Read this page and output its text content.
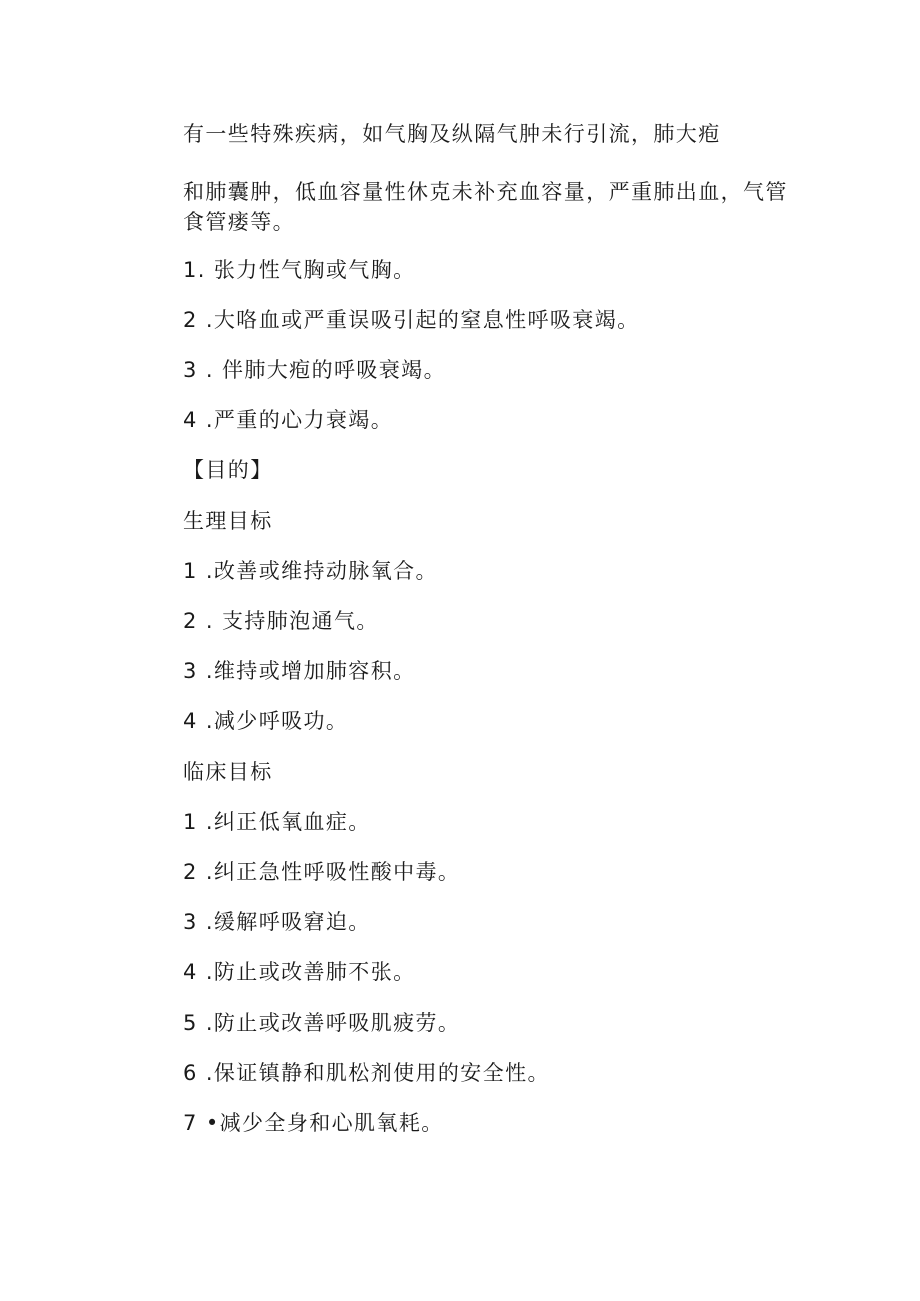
有一些特殊疾病，如气胸及纵隔气肿未行引流，肺大疱
和肺囊肿，低血容量性休克未补充血容量，严重肺出血，气管食管瘘等。
1. 张力性气胸或气胸。
2 .大咯血或严重误吸引起的窒息性呼吸衰竭。
3 . 伴肺大疱的呼吸衰竭。
4 .严重的心力衰竭。
【目的】
生理目标
1 .改善或维持动脉氧合。
2 . 支持肺泡通气。
3 .维持或增加肺容积。
4 .减少呼吸功。
临床目标
1 .纠正低氧血症。
2 .纠正急性呼吸性酸中毒。
3 .缓解呼吸窘迫。
4 .防止或改善肺不张。
5 .防止或改善呼吸肌疲劳。
6 .保证镇静和肌松剂使用的安全性。
7 •减少全身和心肌氧耗。
